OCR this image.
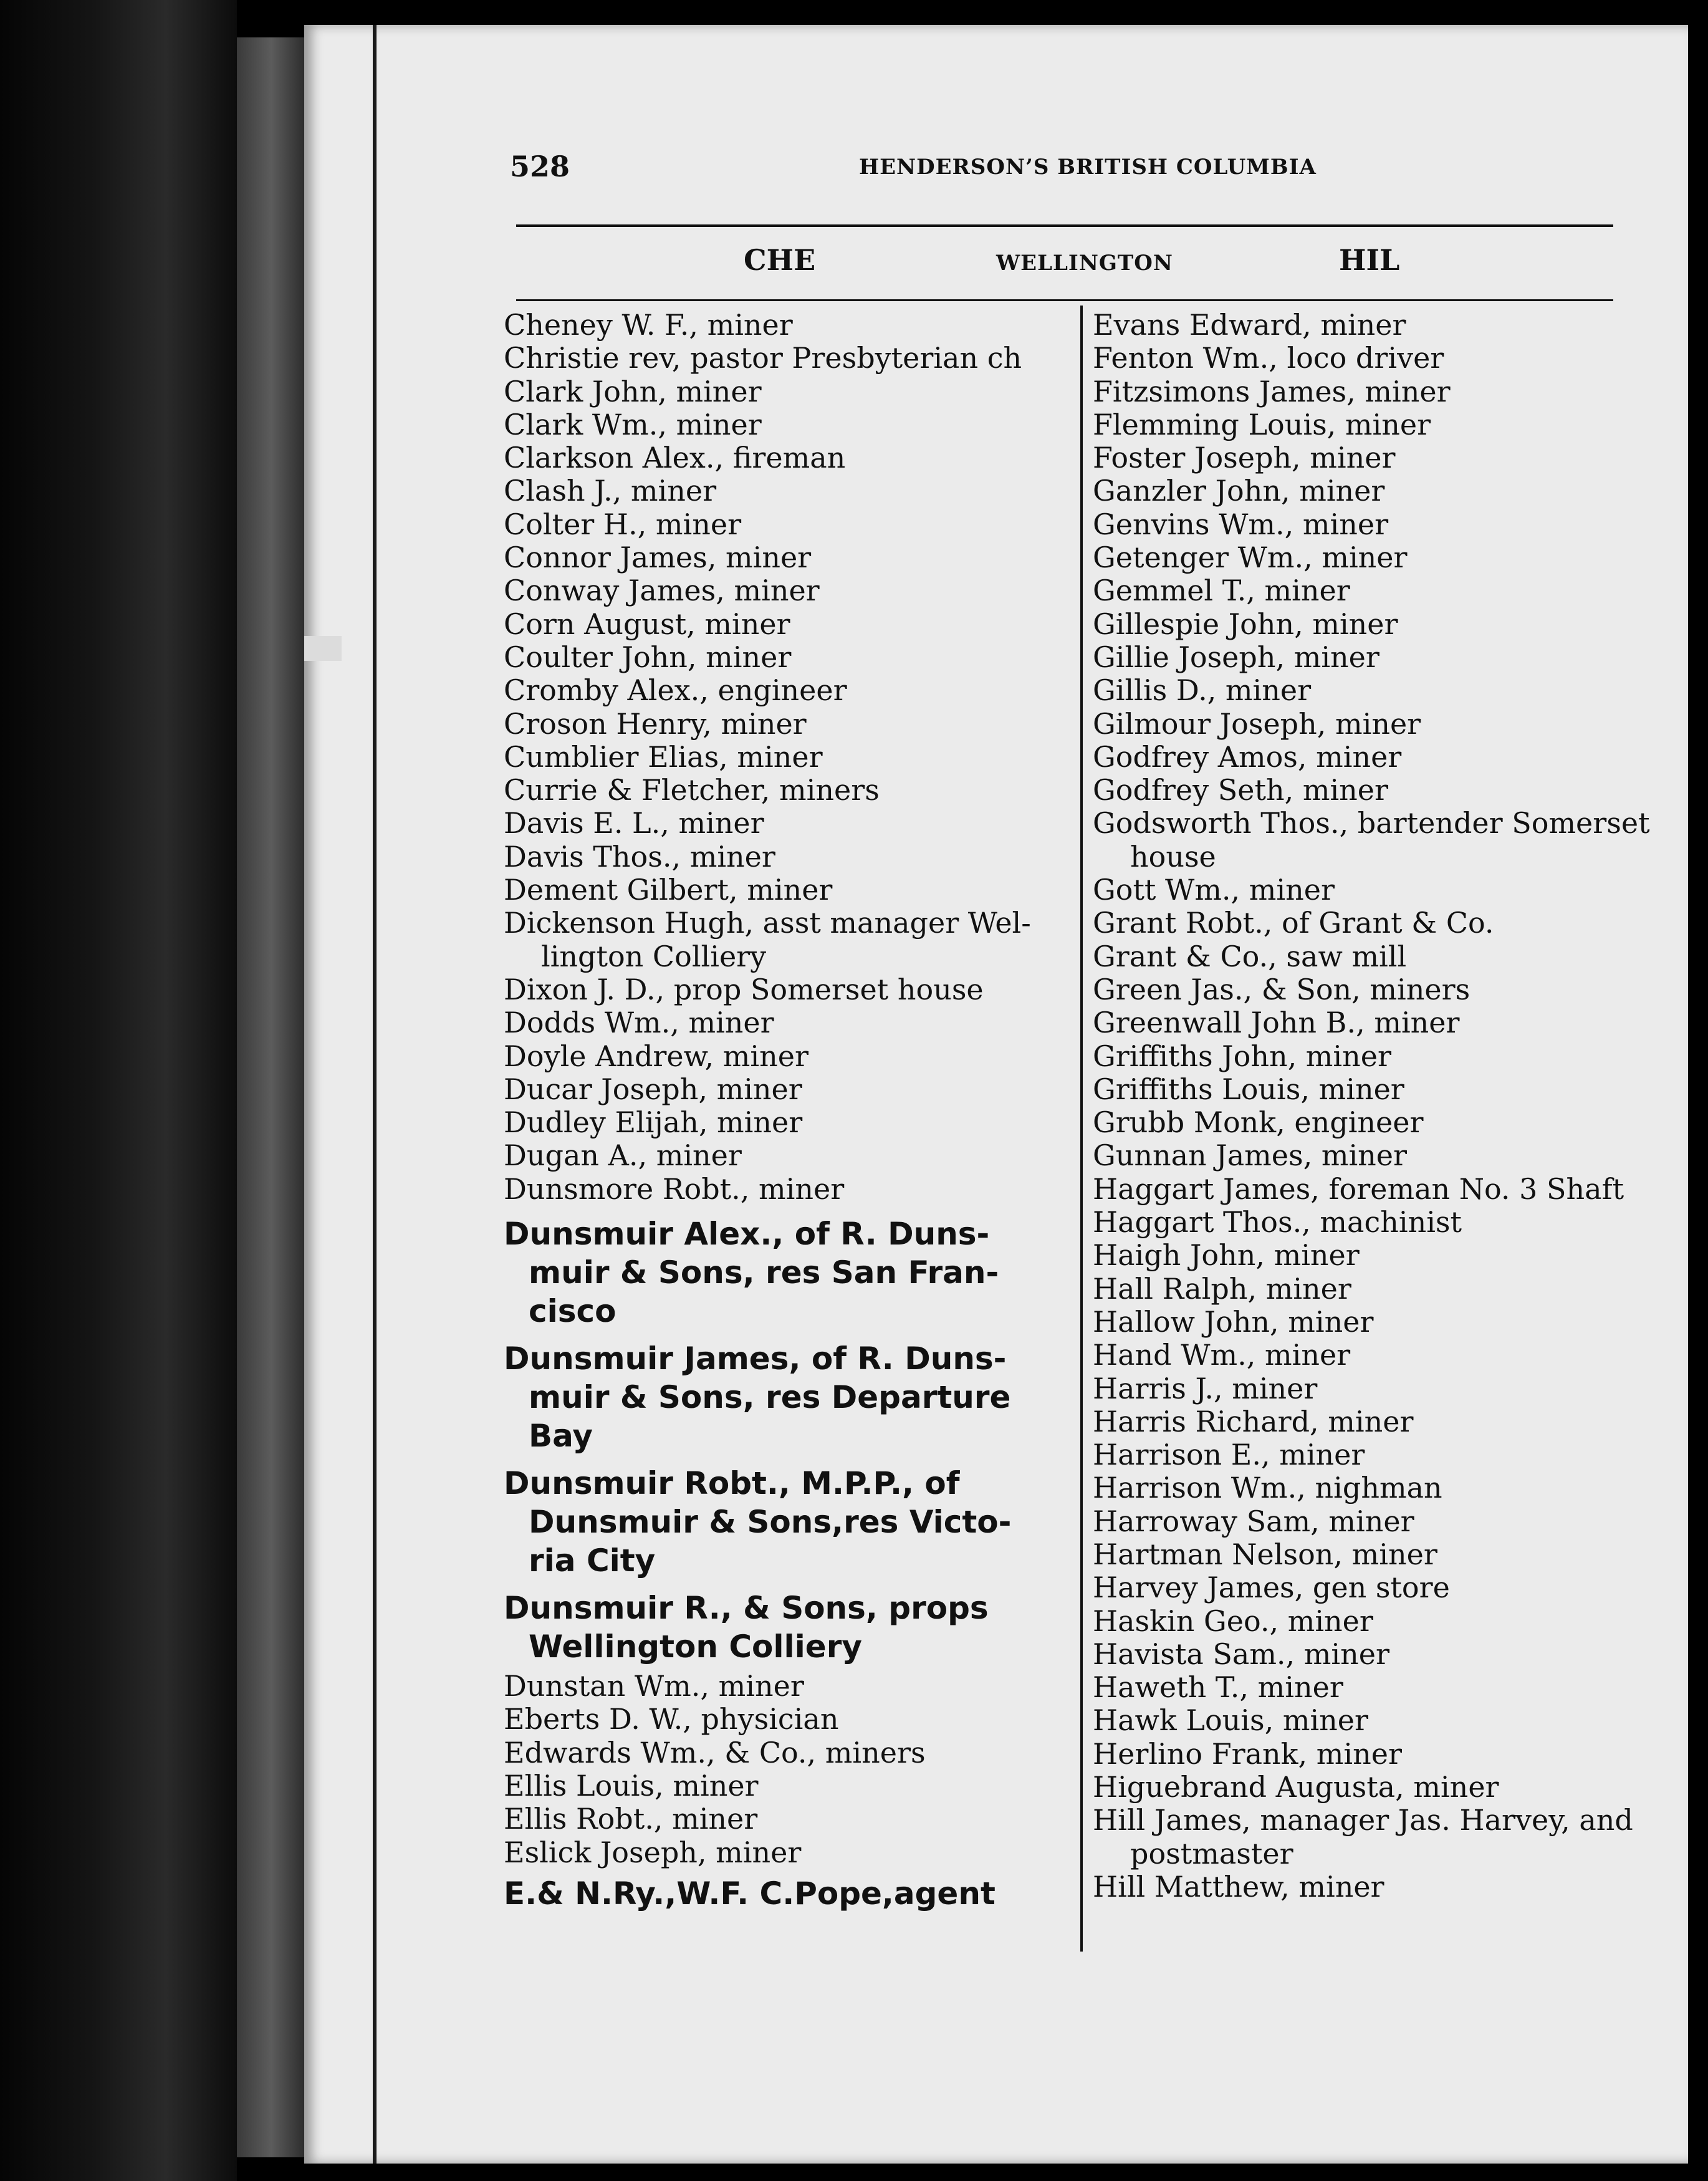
528	HENDERSON’S BRITISH COLUMBIA
CHE	WELLINGTON	HIL
Cheney W. F., miner
Christie rev, pastor Presbyterian ch
Clark John, miner
Clark Wm., miner
Clarkson Alex., fireman
Clash J., miner
Colter H., miner
Connor James, miner
Conway James, miner
Corn August, miner
Coulter John, miner
Cromby Alex., engineer
Croson Henry, miner
Cumblier Elias, miner
Currie & Fletcher, miners
Davis E. L., miner
Davis Thos., miner
Dement Gilbert, miner
Dickenson Hugh, asst manager Wel-
lington Colliery
Dixon J. D., prop Somerset house
Dodds Wm., miner
Doyle Andrew, miner
Ducar Joseph, miner
Dudley Elijah, miner
Dugan A., miner
Dunsmore Robt., miner
Dunsmuir Alex., of R. Duns-
muir & Sons, res San Fran-
cisco
Dunsmuir James, of R. Duns-
muir & Sons, res Departure
Bay
Dunsmuir Robt., M.P.P., of
Dunsmuir & Sons,res Victo-
ria City
Dunsmuir R., & Sons, props
Wellington Colliery
Dunstan Wm., miner
Eberts D. W., physician
Edwards Wm., & Co., miners
Ellis Louis, miner
Ellis Robt., miner
Eslick Joseph, miner
E.& N.Ry.,W.F. C.Pope,agent
Evans Edward, miner
Fenton Wm., loco driver
Fitzsimons James, miner
Flemming Louis, miner
Foster Joseph, miner
Ganzler John, miner
Genvins Wm., miner
Getenger Wm., miner
Gemmel T., miner
Gillespie John, miner
Gillie Joseph, miner
Gillis D., miner
Gilmour Joseph, miner
Godfrey Amos, miner
Godfrey Seth, miner
Godsworth Thos., bartender Somerset
house
Gott Wm., miner
Grant Robt., of Grant & Co.
Grant & Co., saw mill
Green Jas., & Son, miners
Greenwall John B., miner
Griffiths John, miner
Griffiths Louis, miner
Grubb Monk, engineer
Gunnan James, miner
Haggart James, foreman No. 3 Shaft
Haggart Thos., machinist
Haigh John, miner
Hall Ralph, miner
Hallow John, miner
Hand Wm., miner
Harris J., miner
Harris Richard, miner
Harrison E., miner
Harrison Wm., nighman
Harroway Sam, miner
Hartman Nelson, miner
Harvey James, gen store
Haskin Geo., miner
Havista Sam., miner
Haweth T., miner
Hawk Louis, miner
Herlino Frank, miner
Higuebrand Augusta, miner
Hill James, manager Jas. Harvey, and
postmaster
Hill Matthew, miner
